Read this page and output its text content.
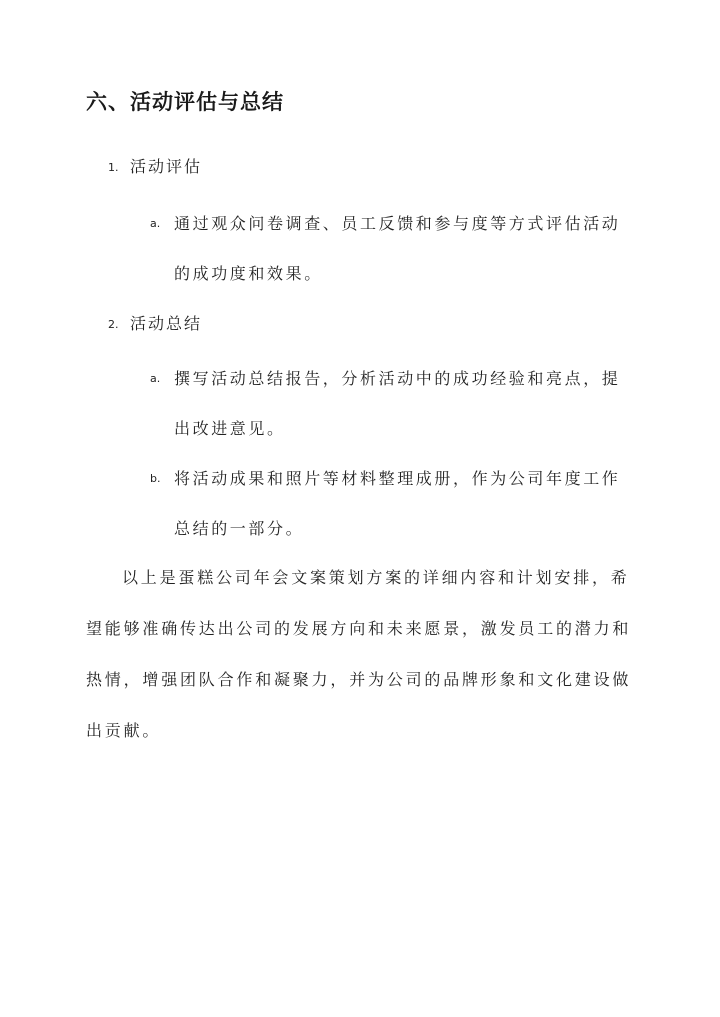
六、活动评估与总结
1. 活动评估
a. 通过观众问卷调查、员工反馈和参与度等方式评估活动
的成功度和效果。
2. 活动总结
a. 撰写活动总结报告，分析活动中的成功经验和亮点，提
出改进意见。
b. 将活动成果和照片等材料整理成册，作为公司年度工作
总结的一部分。
以上是蛋糕公司年会文案策划方案的详细内容和计划安排，希
望能够准确传达出公司的发展方向和未来愿景，激发员工的潜力和
热情，增强团队合作和凝聚力，并为公司的品牌形象和文化建设做
出贡献。
